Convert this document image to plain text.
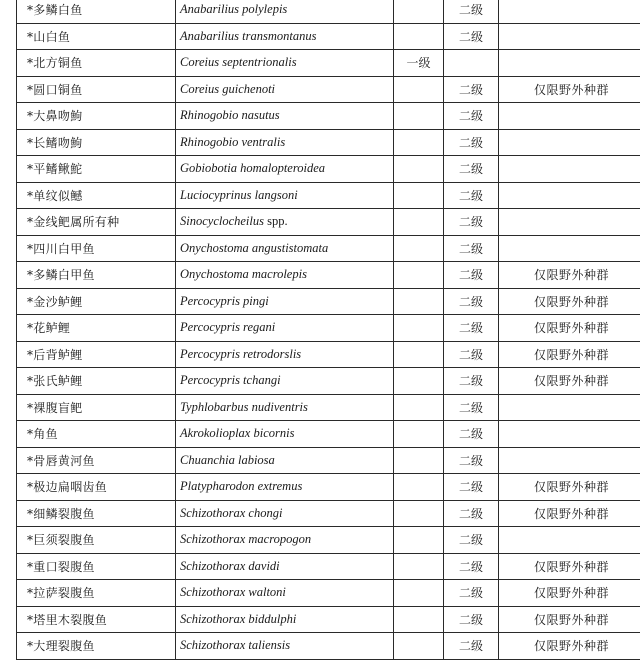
*多鳞白鱼	Anabarilius polylepis		二级	
*山白鱼	Anabarilius transmontanus		二级	
*北方铜鱼	Coreius septentrionalis	一级		
*圆口铜鱼	Coreius guichenoti		二级	仅限野外种群
*大鼻吻鮈	Rhinogobio nasutus		二级	
*长鳍吻鮈	Rhinogobio ventralis		二级	
*平鳍鳅鮀	Gobiobotia homalopteroidea		二级	
*单纹似鳡	Luciocyprinus langsoni		二级	
*金线鲃属所有种	Sinocyclocheilus spp.		二级	
*四川白甲鱼	Onychostoma angustistomata		二级	
*多鳞白甲鱼	Onychostoma macrolepis		二级	仅限野外种群
*金沙鲈鲤	Percocypris pingi		二级	仅限野外种群
*花鲈鲤	Percocypris regani		二级	仅限野外种群
*后背鲈鲤	Percocypris retrodorslis		二级	仅限野外种群
*张氏鲈鲤	Percocypris tchangi		二级	仅限野外种群
*裸腹盲鲃	Typhlobarbus nudiventris		二级	
*角鱼	Akrokolioplax bicornis		二级	
*骨唇黄河鱼	Chuanchia labiosa		二级	
*极边扁咽齿鱼	Platypharodon extremus		二级	仅限野外种群
*细鳞裂腹鱼	Schizothorax chongi		二级	仅限野外种群
*巨须裂腹鱼	Schizothorax macropogon		二级	
*重口裂腹鱼	Schizothorax davidi		二级	仅限野外种群
*拉萨裂腹鱼	Schizothorax waltoni		二级	仅限野外种群
*塔里木裂腹鱼	Schizothorax biddulphi		二级	仅限野外种群
*大理裂腹鱼	Schizothorax taliensis		二级	仅限野外种群
